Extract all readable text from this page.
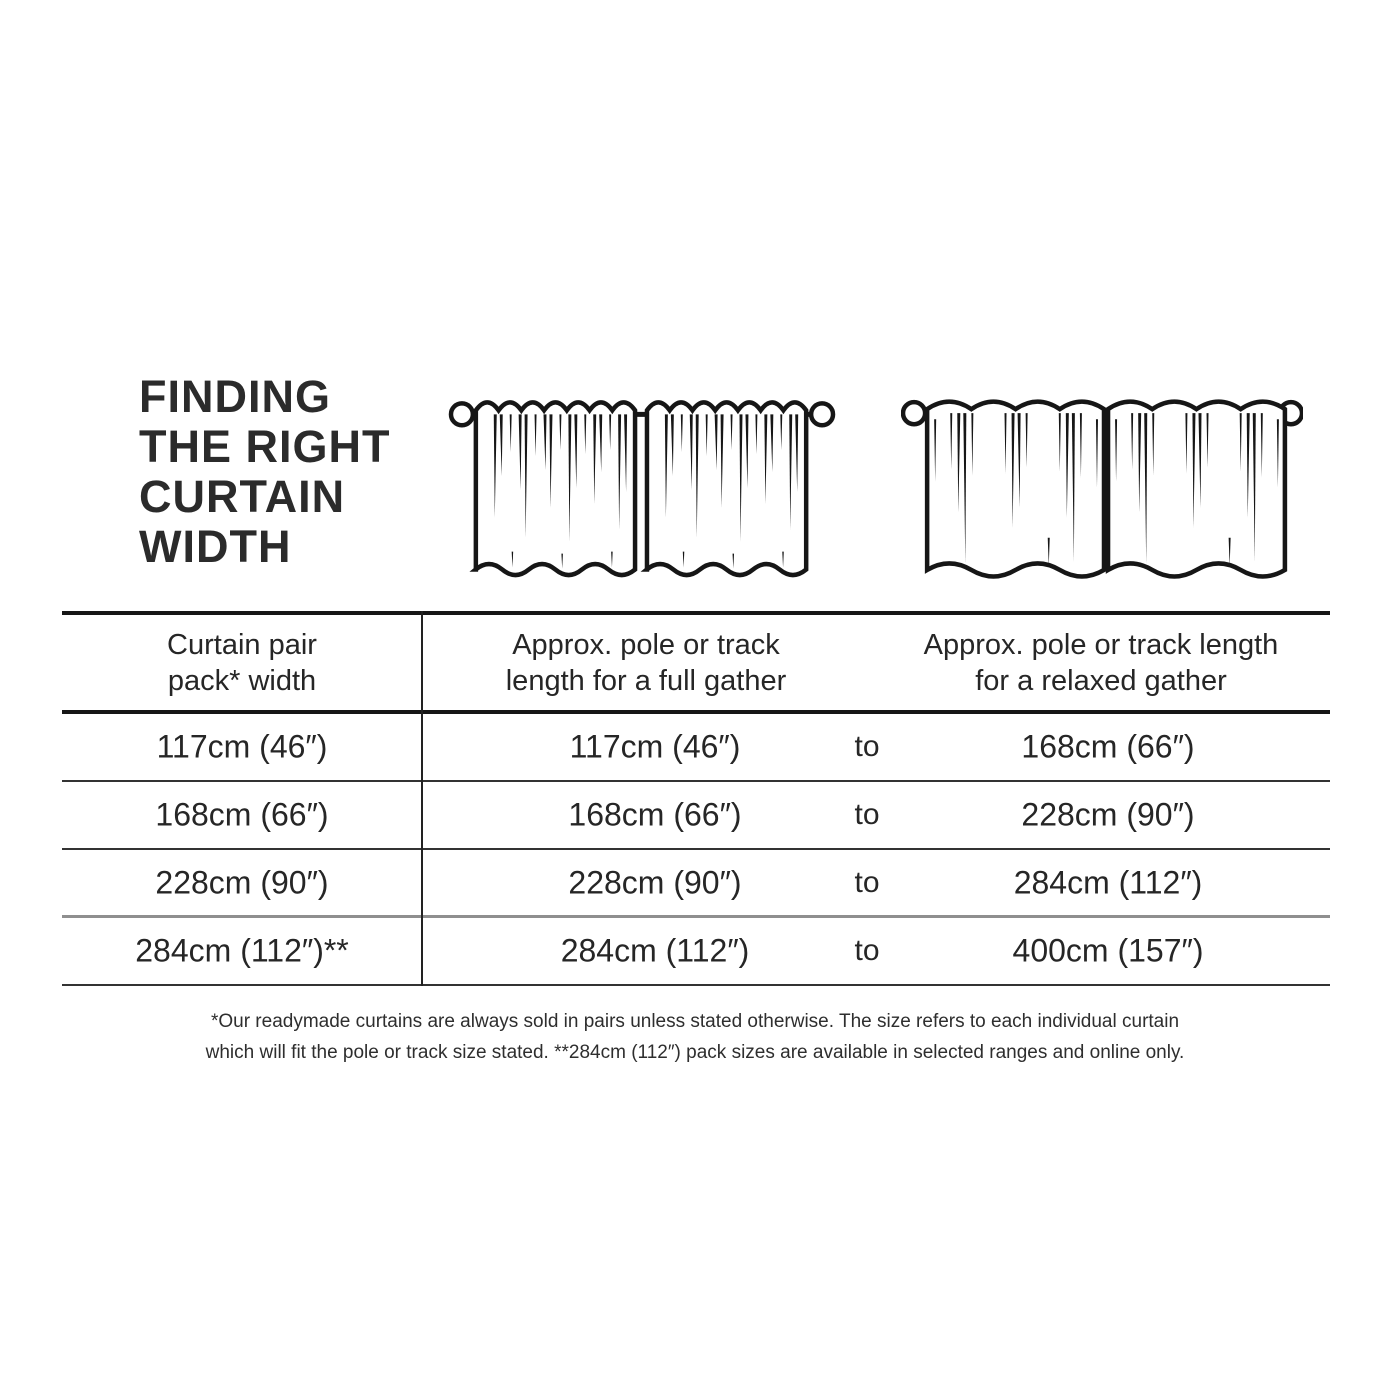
FINDING
THE RIGHT
CURTAIN
WIDTH
Curtain pair
pack* width
Approx. pole or track
length for a full gather
Approx. pole or track length
for a relaxed gather
117cm (46″)	117cm (46″)	to	168cm (66″)
168cm (66″)	168cm (66″)	to	228cm (90″)
228cm (90″)	228cm (90″)	to	284cm (112″)
284cm (112″)**	284cm (112″)	to	400cm (157″)
*Our readymade curtains are always sold in pairs unless stated otherwise. The size refers to each individual curtain
which will fit the pole or track size stated. **284cm (112″) pack sizes are available in selected ranges and online only.
